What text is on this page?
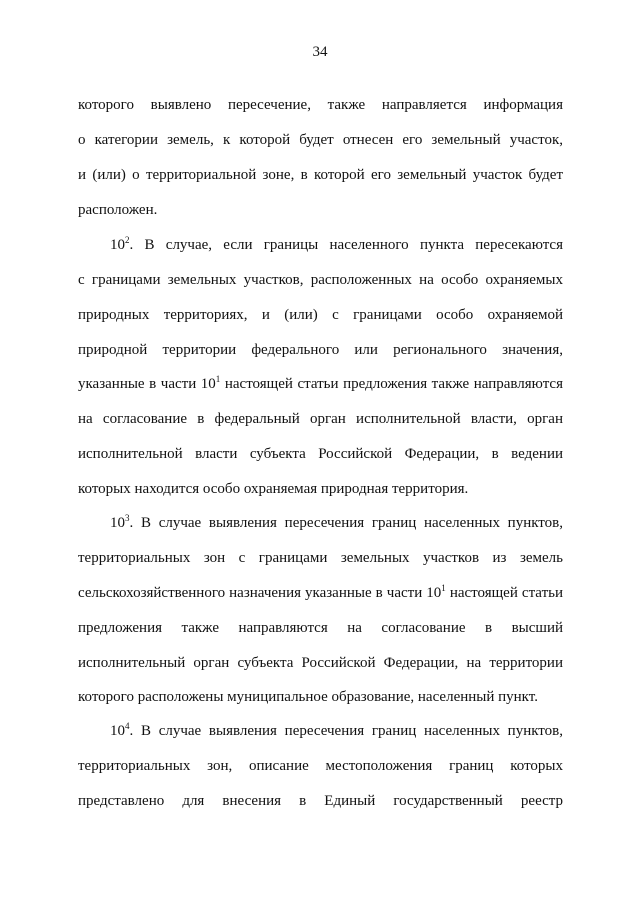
34
которого выявлено пересечение, также направляется информация
о категории земель, к которой будет отнесен его земельный участок,
и (или) о территориальной зоне, в которой его земельный участок будет
расположен.
$10^2$. В случае, если границы населенного пункта пересекаются
с границами земельных участков, расположенных на особо охраняемых
природных территориях, и (или) с границами особо охраняемой
природной территории федерального или регионального значения,
указанные в части $10^1$ настоящей статьи предложения также направляются
на согласование в федеральный орган исполнительной власти, орган
исполнительной власти субъекта Российской Федерации, в ведении
которых находится особо охраняемая природная территория.
$10^3$. В случае выявления пересечения границ населенных пунктов,
территориальных зон с границами земельных участков из земель
сельскохозяйственного назначения указанные в части $10^1$ настоящей статьи
предложения также направляются на согласование в высший
исполнительный орган субъекта Российской Федерации, на территории
которого расположены муниципальное образование, населенный пункт.
$10^4$. В случае выявления пересечения границ населенных пунктов,
территориальных зон, описание местоположения границ которых
представлено для внесения в Единый государственный реестр
